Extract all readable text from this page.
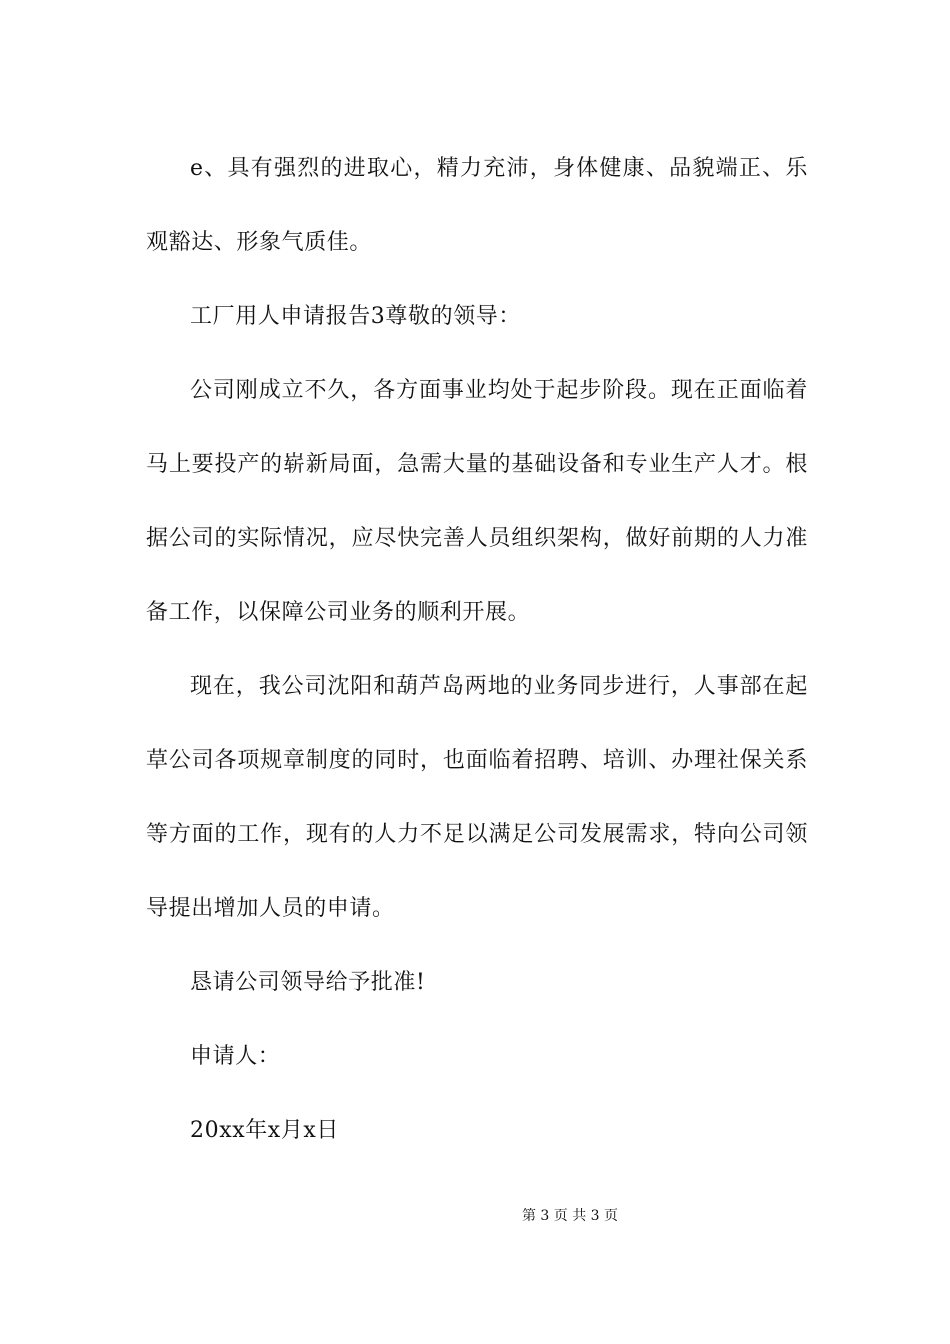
e、具有强烈的进取心，精力充沛，身体健康、品貌端正、乐观豁达、形象气质佳。

工厂用人申请报告3尊敬的领导：

公司刚成立不久，各方面事业均处于起步阶段。现在正面临着马上要投产的崭新局面，急需大量的基础设备和专业生产人才。根据公司的实际情况，应尽快完善人员组织架构，做好前期的人力准备工作，以保障公司业务的顺利开展。

现在，我公司沈阳和葫芦岛两地的业务同步进行，人事部在起草公司各项规章制度的同时，也面临着招聘、培训、办理社保关系等方面的工作，现有的人力不足以满足公司发展需求，特向公司领导提出增加人员的申请。

恳请公司领导给予批准!

申请人：

20xx年x月x日

第 3 页 共 3 页
